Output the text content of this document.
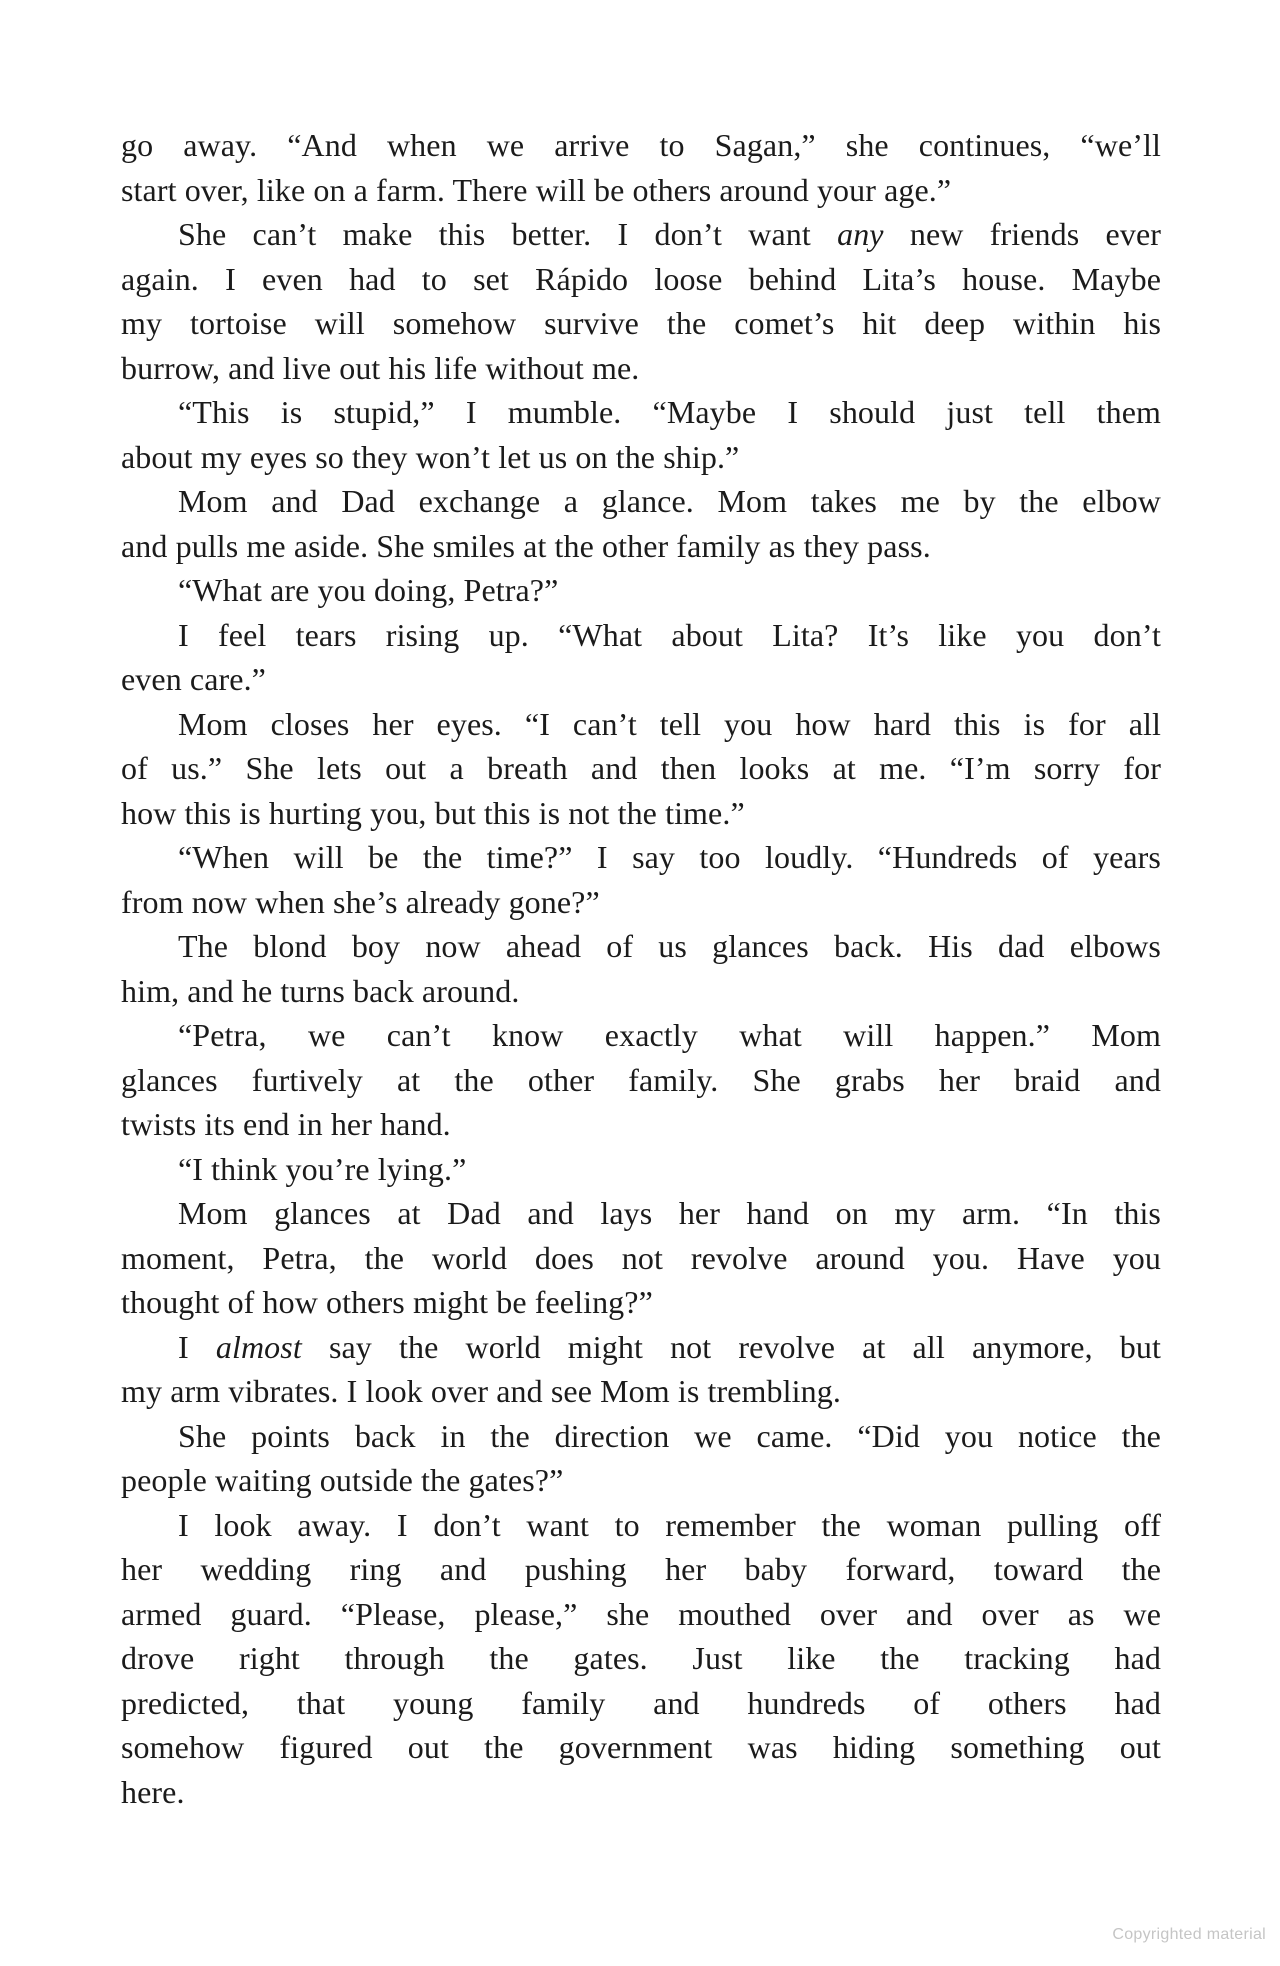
go away. “And when we arrive to Sagan,” she continues, “we’ll
start over, like on a farm. There will be others around your age.”
She can’t make this better. I don’t want any new friends ever
again. I even had to set Rápido loose behind Lita’s house. Maybe
my tortoise will somehow survive the comet’s hit deep within his
burrow, and live out his life without me.
“This is stupid,” I mumble. “Maybe I should just tell them
about my eyes so they won’t let us on the ship.”
Mom and Dad exchange a glance. Mom takes me by the elbow
and pulls me aside. She smiles at the other family as they pass.
“What are you doing, Petra?”
I feel tears rising up. “What about Lita? It’s like you don’t
even care.”
Mom closes her eyes. “I can’t tell you how hard this is for all
of us.” She lets out a breath and then looks at me. “I’m sorry for
how this is hurting you, but this is not the time.”
“When will be the time?” I say too loudly. “Hundreds of years
from now when she’s already gone?”
The blond boy now ahead of us glances back. His dad elbows
him, and he turns back around.
“Petra, we can’t know exactly what will happen.” Mom
glances furtively at the other family. She grabs her braid and
twists its end in her hand.
“I think you’re lying.”
Mom glances at Dad and lays her hand on my arm. “In this
moment, Petra, the world does not revolve around you. Have you
thought of how others might be feeling?”
I almost say the world might not revolve at all anymore, but
my arm vibrates. I look over and see Mom is trembling.
She points back in the direction we came. “Did you notice the
people waiting outside the gates?”
I look away. I don’t want to remember the woman pulling off
her wedding ring and pushing her baby forward, toward the
armed guard. “Please, please,” she mouthed over and over as we
drove right through the gates. Just like the tracking had
predicted, that young family and hundreds of others had
somehow figured out the government was hiding something out
here.
Copyrighted material
